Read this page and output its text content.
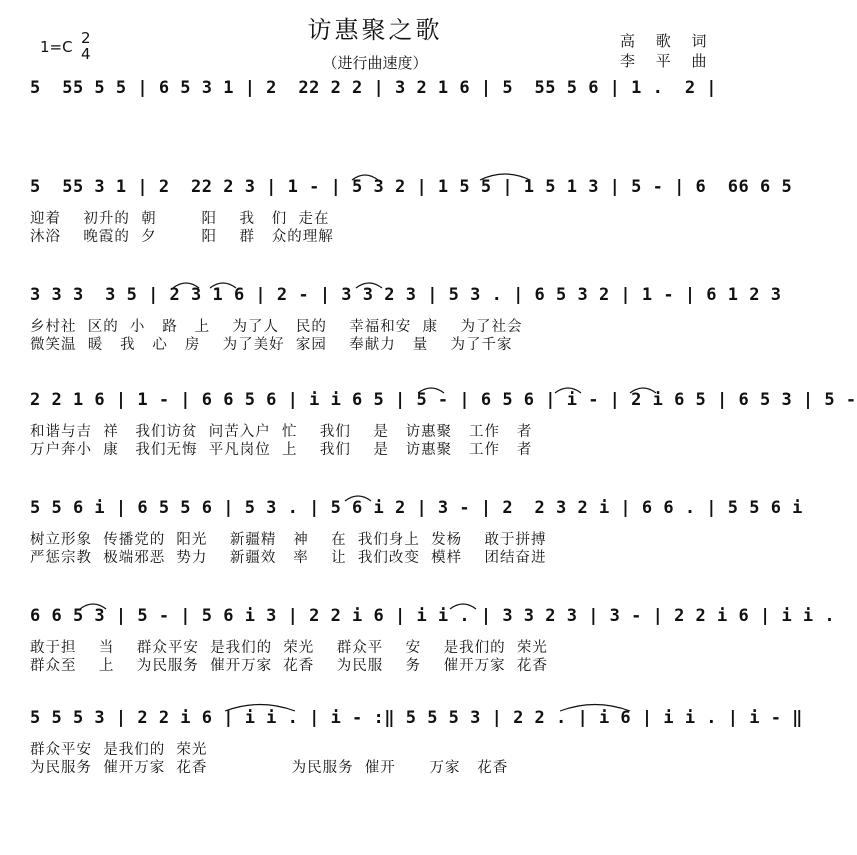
访惠聚之歌
（进行曲速度）
1=C 2
4
高 歌 词
李 平 曲
5  55 5 5 | 6 5 3 1 | 2  22 2 2 | 3 2 1 6 | 5  55 5 6 | 1 .  2 |
5  55 3 1 | 2  22 2 3 | 1 - | 5 3 2 | 1 5 5 | 1 5 1 3 | 5 - | 6  66 6 5
迎着    初升的  朝        阳    我   们  走在
沐浴    晚霞的  夕        阳    群   众的理解
3 3 3  3 5 | 2 3 1 6 | 2 - | 3 3 2 3 | 5 3 . | 6 5 3 2 | 1 - | 6 1 2 3
乡村社  区的  小   路   上    为了人   民的    幸福和安  康    为了社会
微笑温  暖   我   心   房    为了美好  家园    奉献力   量    为了千家
2 2 1 6 | 1 - | 6 6 5 6 | i i 6 5 | 5 - | 6 5 6 | i - | 2 i 6 5 | 6 5 3 | 5 -
和谐与吉  祥   我们访贫  问苦入户  忙    我们    是   访惠聚   工作   者
万户奔小  康   我们无悔  平凡岗位  上    我们    是   访惠聚   工作   者
5 5 6 i | 6 5 5 6 | 5 3 . | 5 6 i 2 | 3 - | 2  2 3 2 i | 6 6 . | 5 5 6 i
树立形象  传播党的  阳光    新疆精   神    在  我们身上  发杨    敢于拼搏
严惩宗教  极端邪恶  势力    新疆效   率    让  我们改变  模样    团结奋进
6 6 5 3 | 5 - | 5 6 i 3 | 2 2 i 6 | i i . | 3 3 2 3 | 3 - | 2 2 i 6 | i i .
敢于担    当    群众平安  是我们的  荣光    群众平    安    是我们的  荣光
群众至    上    为民服务  催开万家  花香    为民服    务    催开万家  花香
5 5 5 3 | 2 2 i 6 | i i . | i - :‖ 5 5 5 3 | 2 2 . | i 6 | i i . | i - ‖
群众平安  是我们的  荣光
为民服务  催开万家  花香               为民服务  催开      万家   花香
